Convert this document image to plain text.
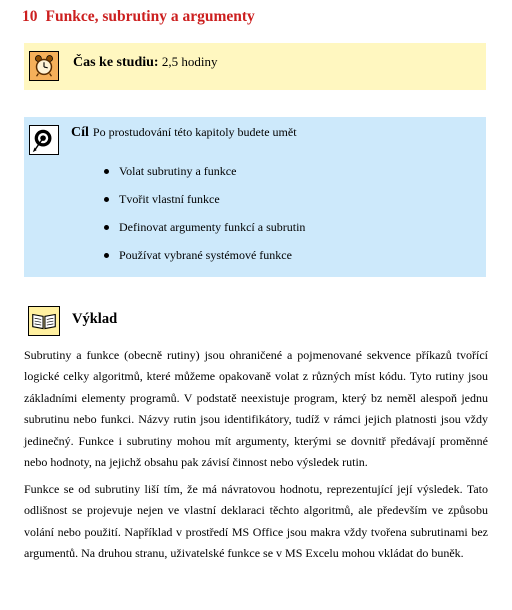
10 Funkce, subrutiny a argumenty
Čas ke studiu: 2,5 hodiny
Cíl Po prostudování této kapitoly budete umět
Volat subrutiny a funkce
Tvořit vlastní funkce
Definovat argumenty funkcí a subrutin
Používat vybrané systémové funkce
Výklad

Subrutiny a funkce (obecně rutiny) jsou ohraničené a pojmenované sekvence příkazů tvořící logické celky algoritmů, které můžeme opakovaně volat z různých míst kódu. Tyto rutiny jsou základními elementy programů. V podstatě neexistuje program, který bz neměl alespoň jednu subrutinu nebo funkci. Názvy rutin jsou identifikátory, tudíž v rámci jejich platnosti jsou vždy jedinečný. Funkce i subrutiny mohou mít argumenty, kterými se dovnitř předávají proměnné nebo hodnoty, na jejichž obsahu pak závisí činnost nebo výsledek rutin.

Funkce se od subrutiny liší tím, že má návratovou hodnotu, reprezentující její výsledek. Tato odlišnost se projevuje nejen ve vlastní deklaraci těchto algoritmů, ale především ve způsobu volání nebo použití. Například v prostředí MS Office jsou makra vždy tvořena subrutinami bez argumentů. Na druhou stranu, uživatelské funkce se v MS Excelu mohou vkládat do buněk.
